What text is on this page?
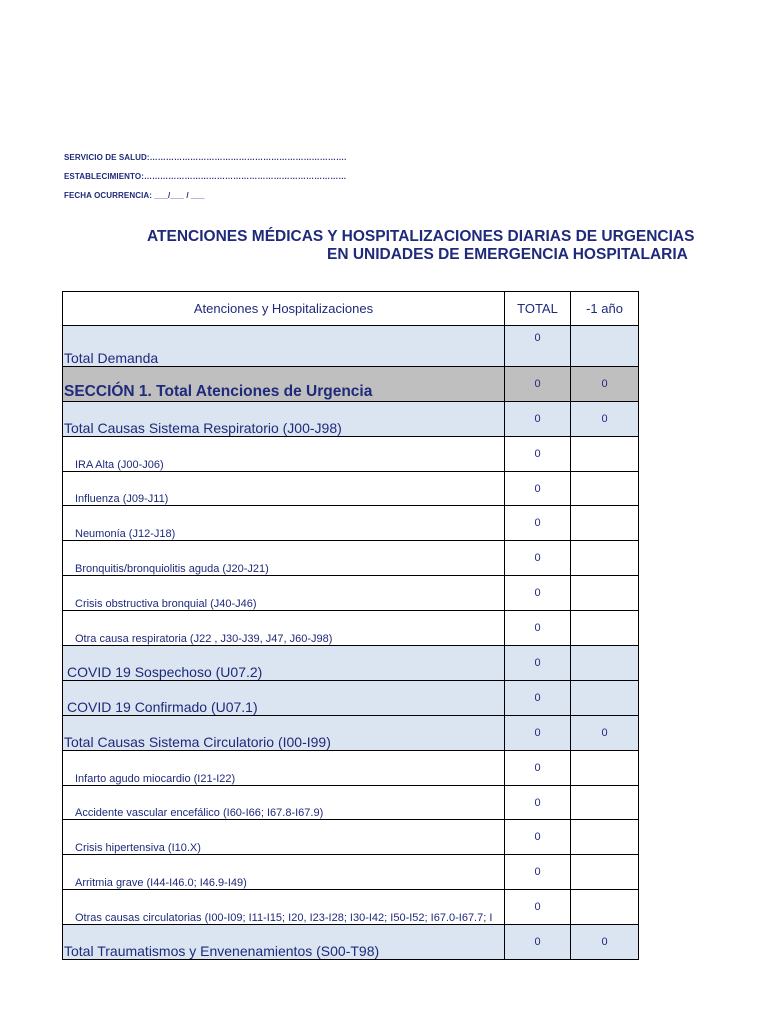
SERVICIO DE SALUD:……………………………………………………………….
ESTABLECIMIENTO:…………………………………………………………………
FECHA OCURRENCIA: ___/___ / ___
ATENCIONES MÉDICAS Y HOSPITALIZACIONES DIARIAS DE URGENCIAS
EN UNIDADES DE EMERGENCIA HOSPITALARIA
Atenciones y Hospitalizaciones	TOTAL	-1 año
Total Demanda	0	
SECCIÓN 1. Total Atenciones de Urgencia	0	0
Total Causas Sistema Respiratorio (J00-J98)	0	0
IRA Alta (J00-J06)	0	
Influenza (J09-J11)	0	
Neumonía (J12-J18)	0	
Bronquitis/bronquiolitis aguda (J20-J21)	0	
Crisis obstructiva bronquial (J40-J46)	0	
Otra causa respiratoria (J22 , J30-J39, J47, J60-J98)	0	
COVID 19 Sospechoso (U07.2)	0	
COVID 19 Confirmado (U07.1)	0	
Total Causas Sistema Circulatorio (I00-I99)	0	0
Infarto agudo miocardio (I21-I22)	0	
Accidente vascular encefálico (I60-I66; I67.8-I67.9)	0	
Crisis hipertensiva (I10.X)	0	
Arritmia grave (I44-I46.0; I46.9-I49)	0	
Otras causas circulatorias (I00-I09; I11-I15; I20, I23-I28; I30-I42; I50-I52; I67.0-I67.7; I	0	
Total Traumatismos y Envenenamientos (S00-T98)	0	0
